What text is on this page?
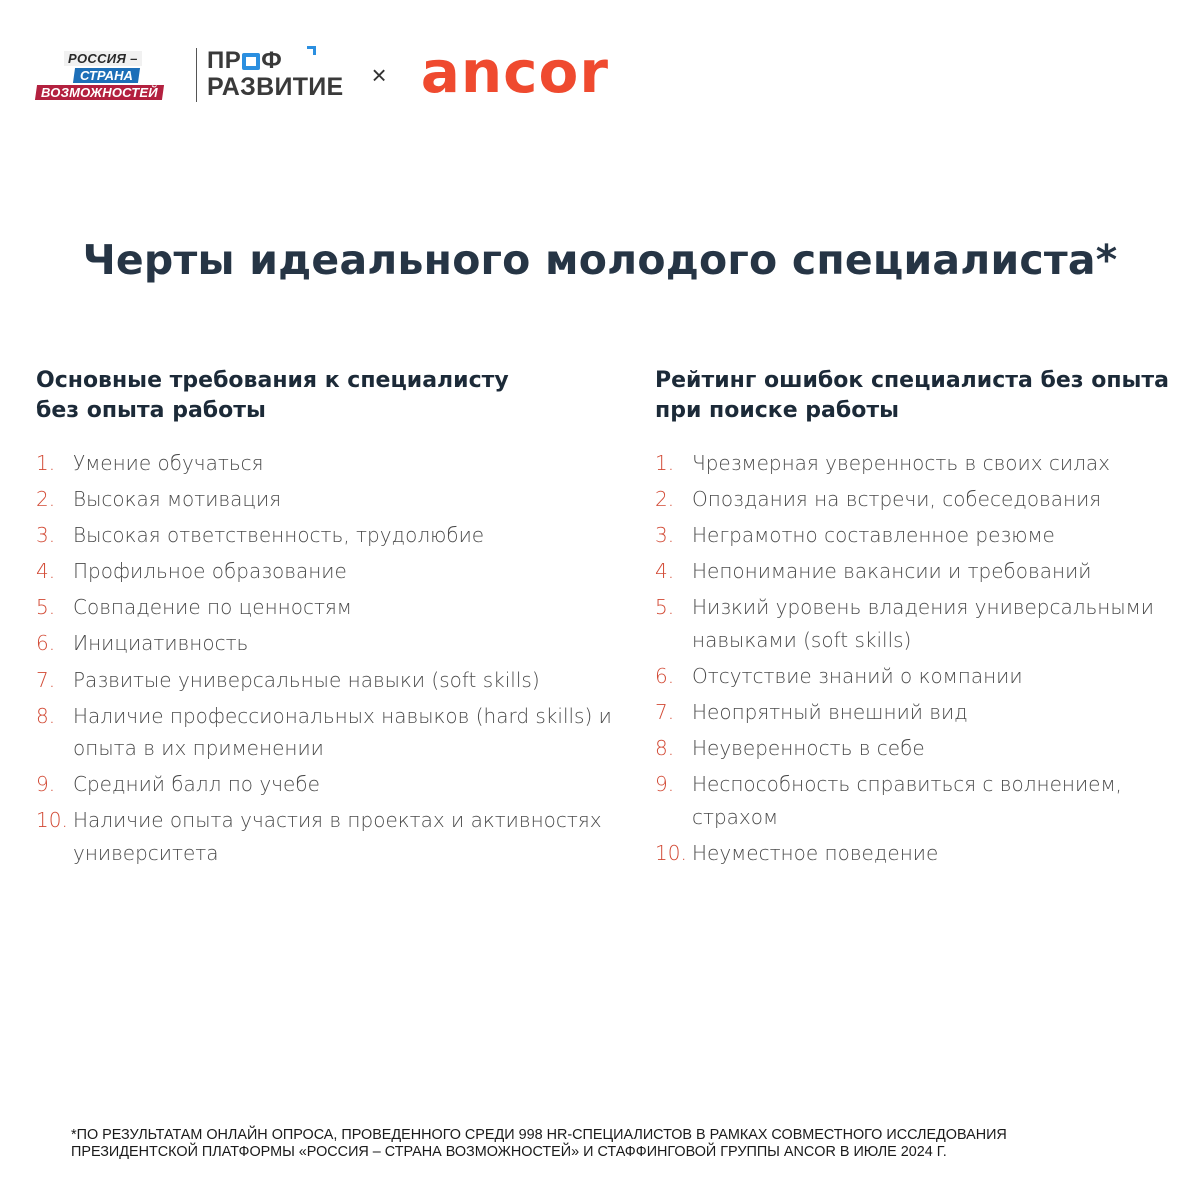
РОССИЯ –
СТРАНА
ВОЗМОЖНОСТЕЙ
ПР Ф
РАЗВИТИЕ × ancor
Черты идеального молодого специалиста*
Основные требования к специалисту
без опыта работы
1. Умение обучаться
2. Высокая мотивация
3. Высокая ответственность, трудолюбие
4. Профильное образование
5. Совпадение по ценностям
6. Инициативность
7. Развитые универсальные навыки (soft skills)
8. Наличие профессиональных навыков (hard skills) и опыта в их применении
9. Средний балл по учебе
10. Наличие опыта участия в проектах и активностях университета
Рейтинг ошибок специалиста без опыта
при поиске работы
1. Чрезмерная уверенность в своих силах
2. Опоздания на встречи, собеседования
3. Неграмотно составленное резюме
4. Непонимание вакансии и требований
5. Низкий уровень владения универсальными навыками (soft skills)
6. Отсутствие знаний о компании
7. Неопрятный внешний вид
8. Неуверенность в себе
9. Неспособность справиться с волнением, страхом
10. Неуместное поведение
*ПО РЕЗУЛЬТАТАМ ОНЛАЙН ОПРОСА, ПРОВЕДЕННОГО СРЕДИ 998 HR-СПЕЦИАЛИСТОВ В РАМКАХ СОВМЕСТНОГО ИССЛЕДОВАНИЯ
ПРЕЗИДЕНТСКОЙ ПЛАТФОРМЫ «РОССИЯ – СТРАНА ВОЗМОЖНОСТЕЙ» И СТАФФИНГОВОЙ ГРУППЫ ANCOR В ИЮЛЕ 2024 Г.
